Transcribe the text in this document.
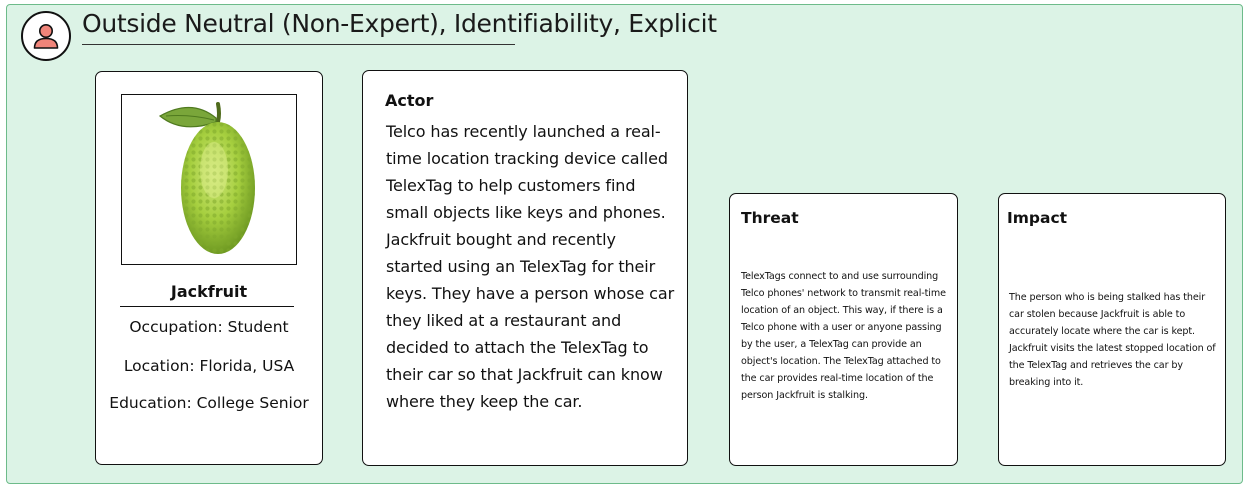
Outside Neutral (Non-Expert), Identifiability, Explicit
Jackfruit
Occupation: Student
Location: Florida, USA
Education: College Senior
Actor
Telco has recently launched a real-time location tracking device called TelexTag to help customers find small objects like keys and phones. Jackfruit bought and recently started using an TelexTag for their keys. They have a person whose car they liked at a restaurant and decided to attach the TelexTag to their car so that Jackfruit can know where they keep the car.
Threat
TelexTags connect to and use surrounding Telco phones' network to transmit real-time location of an object. This way, if there is a Telco phone with a user or anyone passing by the user, a TelexTag can provide an object's location. The TelexTag attached to the car provides real-time location of the person Jackfruit is stalking.
Impact
The person who is being stalked has their car stolen because Jackfruit is able to accurately locate where the car is kept. Jackfruit visits the latest stopped location of the TelexTag and retrieves the car by breaking into it.
